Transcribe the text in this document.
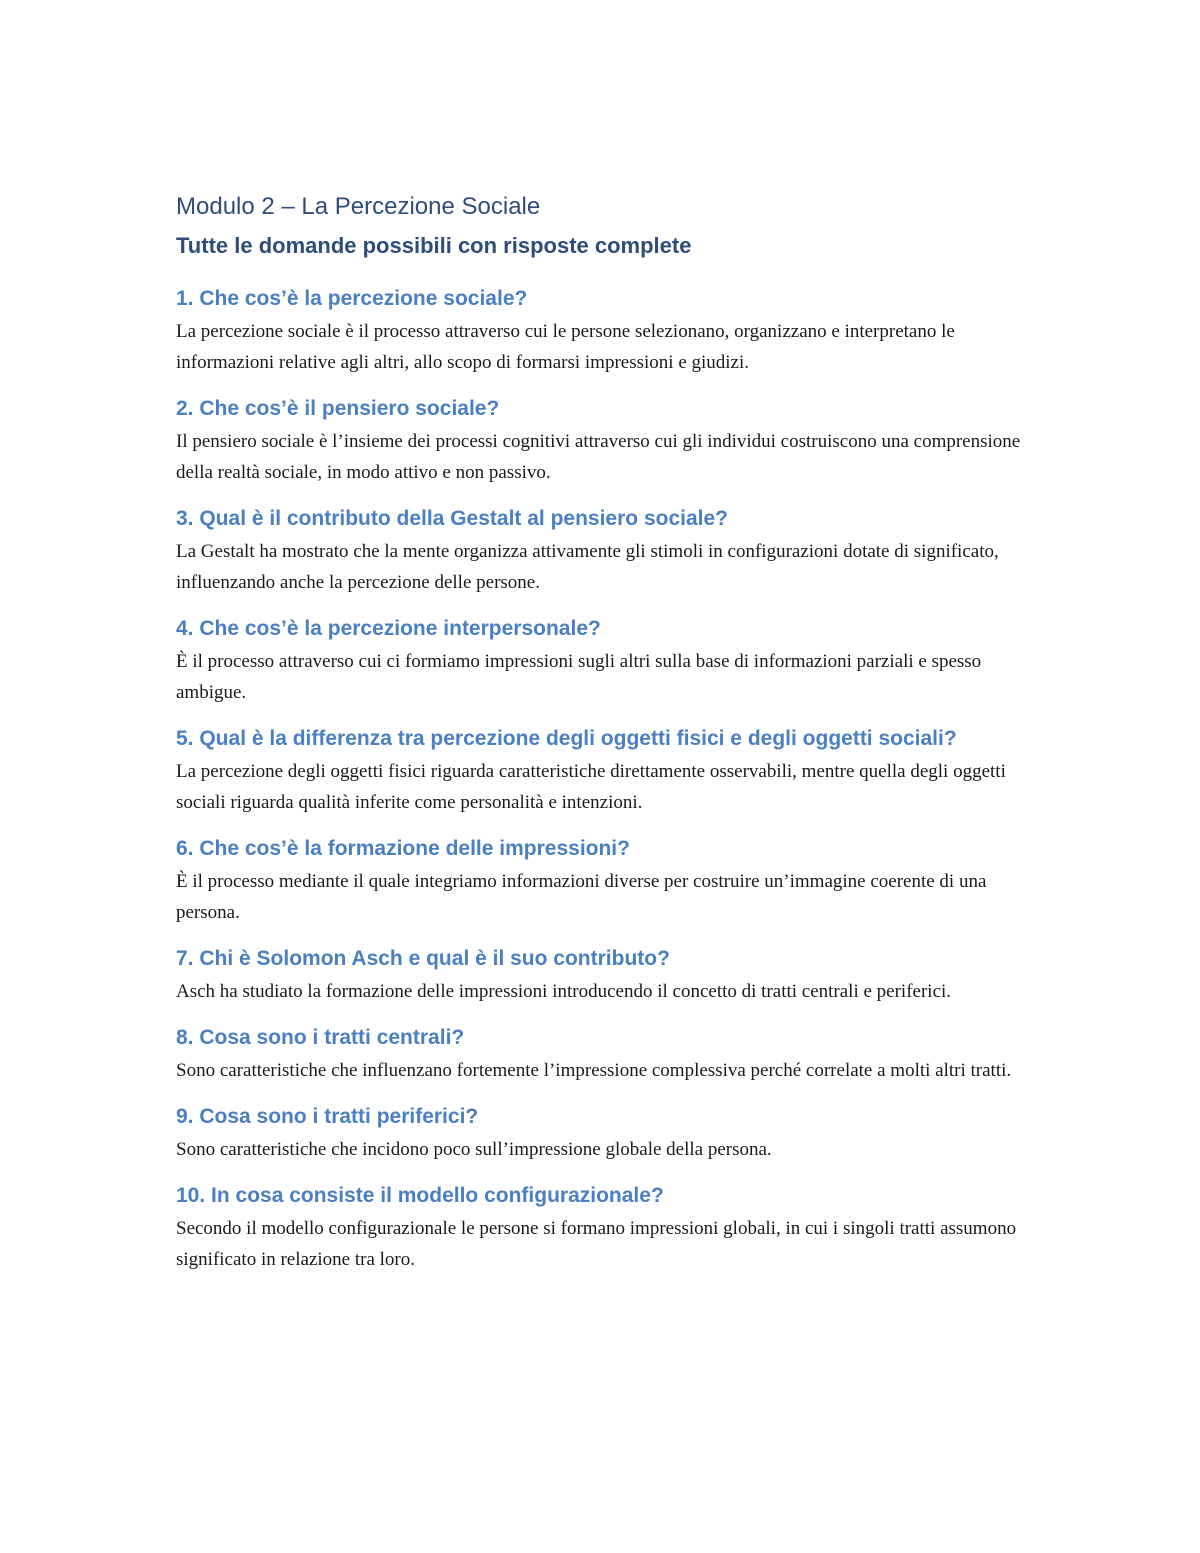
Modulo 2 – La Percezione Sociale
Tutte le domande possibili con risposte complete
1. Che cos’è la percezione sociale?

La percezione sociale è il processo attraverso cui le persone selezionano, organizzano e interpretano le informazioni relative agli altri, allo scopo di formarsi impressioni e giudizi.

2. Che cos’è il pensiero sociale?

Il pensiero sociale è l’insieme dei processi cognitivi attraverso cui gli individui costruiscono una comprensione della realtà sociale, in modo attivo e non passivo.

3. Qual è il contributo della Gestalt al pensiero sociale?

La Gestalt ha mostrato che la mente organizza attivamente gli stimoli in configurazioni dotate di significato, influenzando anche la percezione delle persone.

4. Che cos’è la percezione interpersonale?

È il processo attraverso cui ci formiamo impressioni sugli altri sulla base di informazioni parziali e spesso ambigue.

5. Qual è la differenza tra percezione degli oggetti fisici e degli oggetti sociali?

La percezione degli oggetti fisici riguarda caratteristiche direttamente osservabili, mentre quella degli oggetti sociali riguarda qualità inferite come personalità e intenzioni.

6. Che cos’è la formazione delle impressioni?

È il processo mediante il quale integriamo informazioni diverse per costruire un’immagine coerente di una persona.

7. Chi è Solomon Asch e qual è il suo contributo?

Asch ha studiato la formazione delle impressioni introducendo il concetto di tratti centrali e periferici.

8. Cosa sono i tratti centrali?

Sono caratteristiche che influenzano fortemente l’impressione complessiva perché correlate a molti altri tratti.

9. Cosa sono i tratti periferici?

Sono caratteristiche che incidono poco sull’impressione globale della persona.

10. In cosa consiste il modello configurazionale?

Secondo il modello configurazionale le persone si formano impressioni globali, in cui i singoli tratti assumono significato in relazione tra loro.
